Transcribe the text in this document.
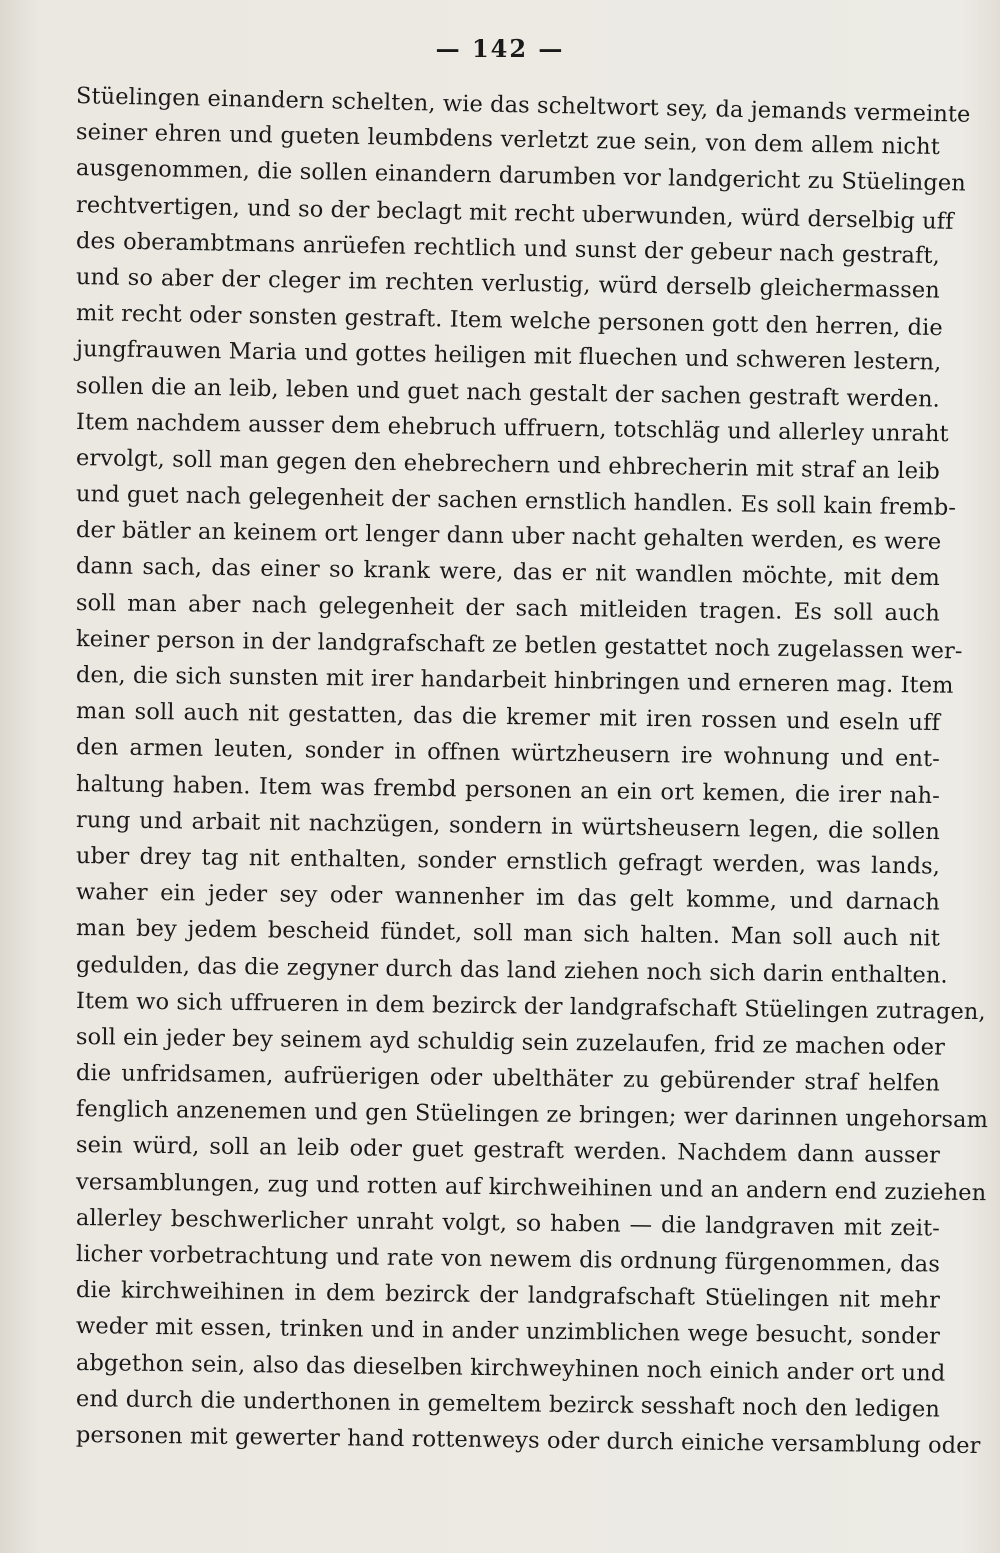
— 142 —
Stüelingen einandern schelten, wie das scheltwort sey, da jemands vermeinte
seiner ehren und gueten leumbdens verletzt zue sein, von dem allem nicht
ausgenommen, die sollen einandern darumben vor landgericht zu Stüelingen
rechtvertigen, und so der beclagt mit recht uberwunden, würd derselbig uff
des oberambtmans anrüefen rechtlich und sunst der gebeur nach gestraft,
und so aber der cleger im rechten verlustig, würd derselb gleichermassen
mit recht oder sonsten gestraft. Item welche personen gott den herren, die
jungfrauwen Maria und gottes heiligen mit fluechen und schweren lestern,
sollen die an leib, leben und guet nach gestalt der sachen gestraft werden.
Item nachdem ausser dem ehebruch uffruern, totschläg und allerley unraht
ervolgt, soll man gegen den ehebrechern und ehbrecherin mit straf an leib
und guet nach gelegenheit der sachen ernstlich handlen. Es soll kain fremb-
der bätler an keinem ort lenger dann uber nacht gehalten werden, es were
dann sach, das einer so krank were, das er nit wandlen möchte, mit dem
soll man aber nach gelegenheit der sach mitleiden tragen. Es soll auch
keiner person in der landgrafschaft ze betlen gestattet noch zugelassen wer-
den, die sich sunsten mit irer handarbeit hinbringen und erneren mag. Item
man soll auch nit gestatten, das die kremer mit iren rossen und eseln uff
den armen leuten, sonder in offnen würtzheusern ire wohnung und ent-
haltung haben. Item was frembd personen an ein ort kemen, die irer nah-
rung und arbait nit nachzügen, sondern in würtsheusern legen, die sollen
uber drey tag nit enthalten, sonder ernstlich gefragt werden, was lands,
waher ein jeder sey oder wannenher im das gelt komme, und darnach
man bey jedem bescheid fündet, soll man sich halten. Man soll auch nit
gedulden, das die zegyner durch das land ziehen noch sich darin enthalten.
Item wo sich uffrueren in dem bezirck der landgrafschaft Stüelingen zutragen,
soll ein jeder bey seinem ayd schuldig sein zuzelaufen, frid ze machen oder
die unfridsamen, aufrüerigen oder ubelthäter zu gebürender straf helfen
fenglich anzenemen und gen Stüelingen ze bringen; wer darinnen ungehorsam
sein würd, soll an leib oder guet gestraft werden. Nachdem dann ausser
versamblungen, zug und rotten auf kirchweihinen und an andern end zuziehen
allerley beschwerlicher unraht volgt, so haben — die landgraven mit zeit-
licher vorbetrachtung und rate von newem dis ordnung fürgenommen, das
die kirchweihinen in dem bezirck der landgrafschaft Stüelingen nit mehr
weder mit essen, trinken und in ander unzimblichen wege besucht, sonder
abgethon sein, also das dieselben kirchweyhinen noch einich ander ort und
end durch die underthonen in gemeltem bezirck sesshaft noch den ledigen
personen mit gewerter hand rottenweys oder durch einiche versamblung oder
